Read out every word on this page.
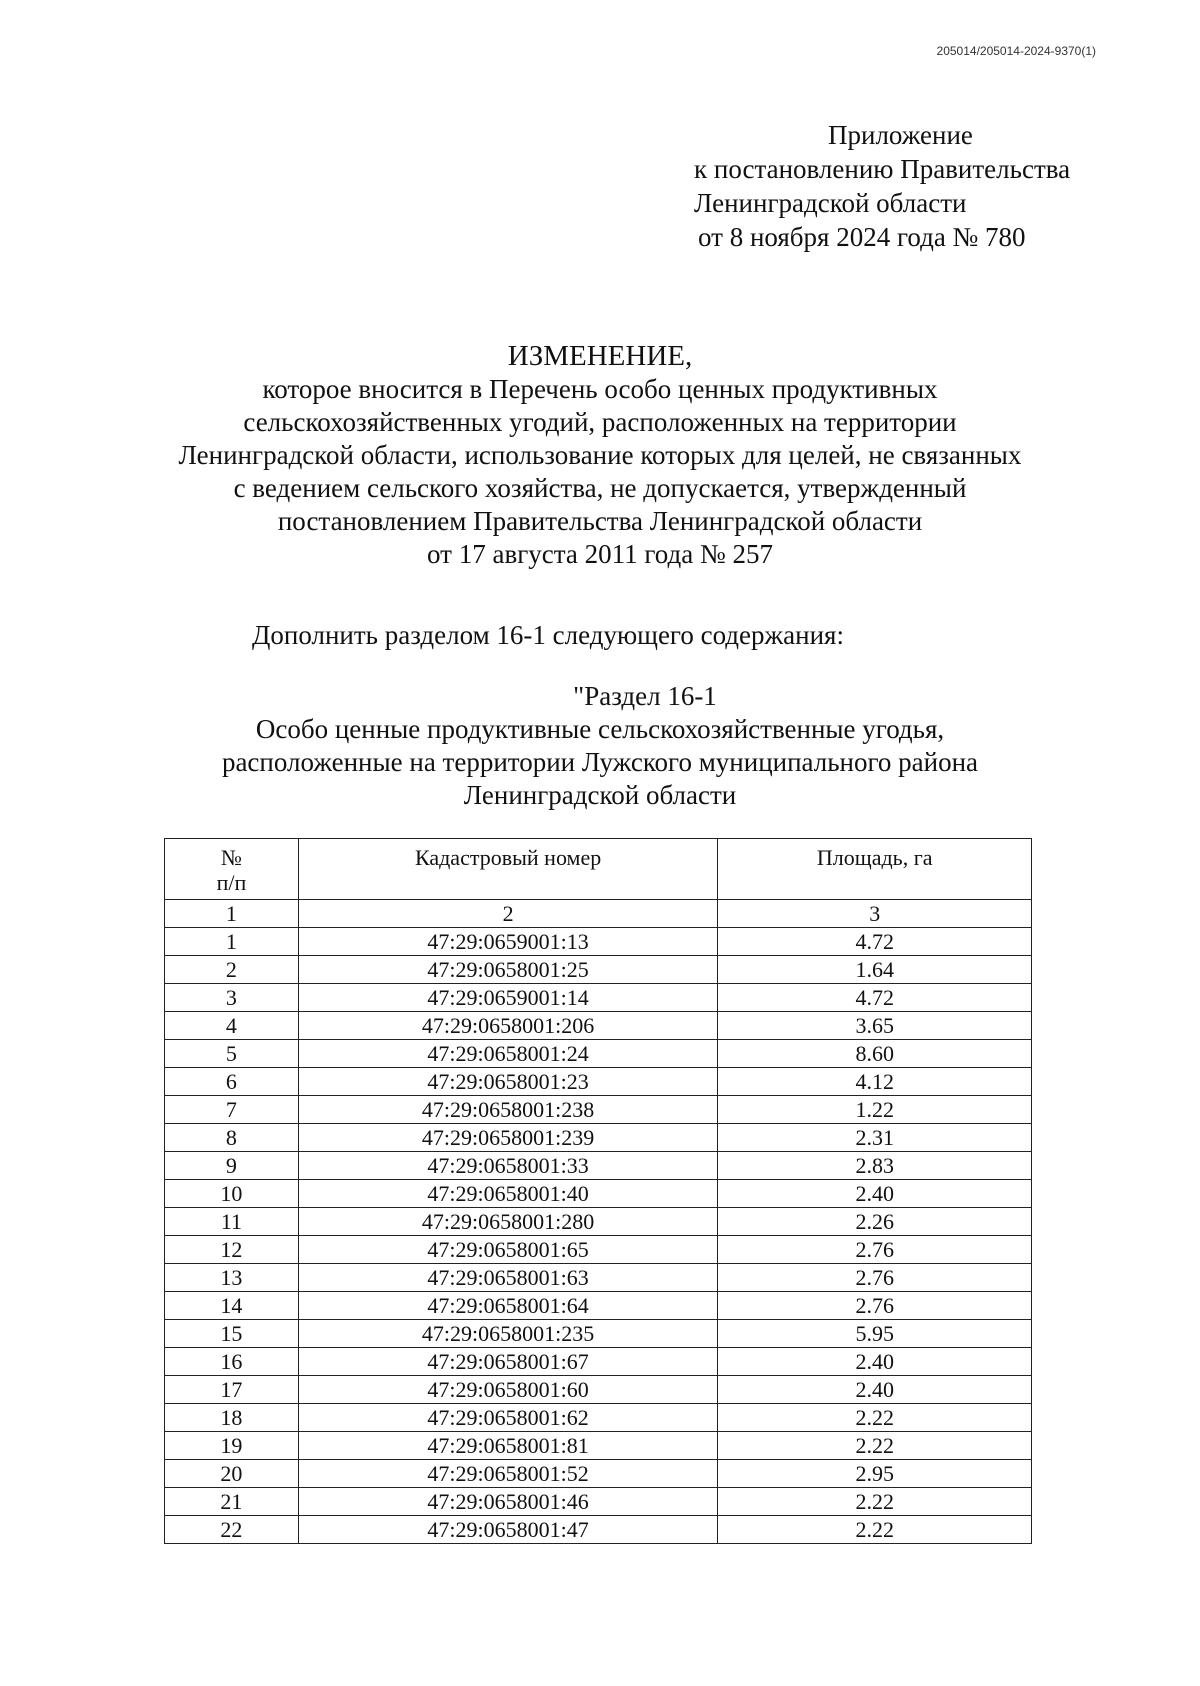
205014/205014-2024-9370(1)
Приложение
к постановлению Правительства
Ленинградской области
от 8 ноября 2024 года № 780
ИЗМЕНЕНИЕ,
которое вносится в Перечень особо ценных продуктивных
сельскохозяйственных угодий, расположенных на территории
Ленинградской области, использование которых для целей, не связанных
с ведением сельского хозяйства, не допускается, утвержденный
постановлением Правительства Ленинградской области
от 17 августа 2011 года № 257
Дополнить разделом 16-1 следующего содержания:
"Раздел 16-1
Особо ценные продуктивные сельскохозяйственные угодья,
расположенные на территории Лужского муниципального района
Ленинградской области
№
п/п	Кадастровый номер	Площадь, га
1	2	3
1	47:29:0659001:13	4.72
2	47:29:0658001:25	1.64
3	47:29:0659001:14	4.72
4	47:29:0658001:206	3.65
5	47:29:0658001:24	8.60
6	47:29:0658001:23	4.12
7	47:29:0658001:238	1.22
8	47:29:0658001:239	2.31
9	47:29:0658001:33	2.83
10	47:29:0658001:40	2.40
11	47:29:0658001:280	2.26
12	47:29:0658001:65	2.76
13	47:29:0658001:63	2.76
14	47:29:0658001:64	2.76
15	47:29:0658001:235	5.95
16	47:29:0658001:67	2.40
17	47:29:0658001:60	2.40
18	47:29:0658001:62	2.22
19	47:29:0658001:81	2.22
20	47:29:0658001:52	2.95
21	47:29:0658001:46	2.22
22	47:29:0658001:47	2.22
